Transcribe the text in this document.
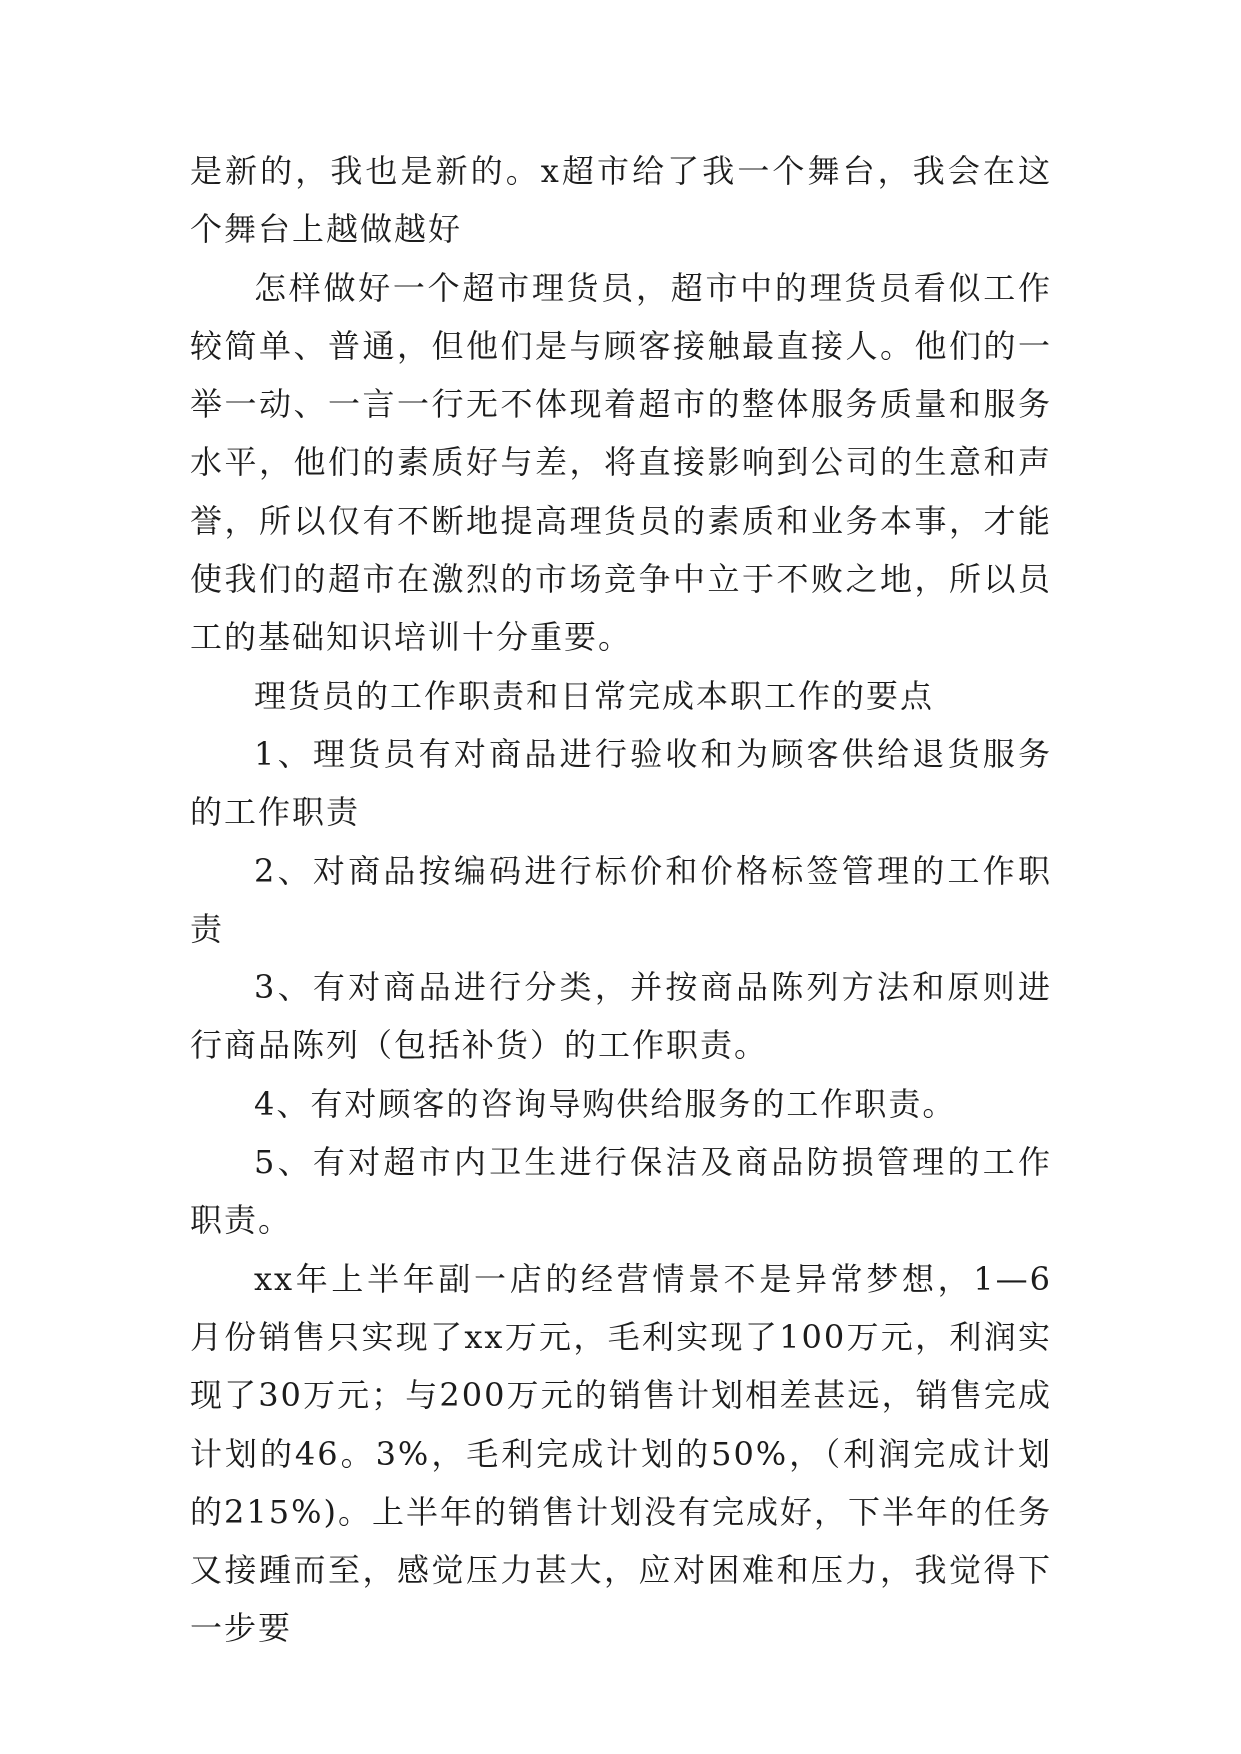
是新的，我也是新的。x超市给了我一个舞台，我会在这个舞台上越做越好

怎样做好一个超市理货员，超市中的理货员看似工作较简单、普通，但他们是与顾客接触最直接人。他们的一举一动、一言一行无不体现着超市的整体服务质量和服务水平，他们的素质好与差，将直接影响到公司的生意和声誉，所以仅有不断地提高理货员的素质和业务本事，才能使我们的超市在激烈的市场竞争中立于不败之地，所以员工的基础知识培训十分重要。

理货员的工作职责和日常完成本职工作的要点

1、理货员有对商品进行验收和为顾客供给退货服务的工作职责

2、对商品按编码进行标价和价格标签管理的工作职责

3、有对商品进行分类，并按商品陈列方法和原则进行商品陈列（包括补货）的工作职责。

4、有对顾客的咨询导购供给服务的工作职责。

5、有对超市内卫生进行保洁及商品防损管理的工作职责。

xx年上半年副一店的经营情景不是异常梦想，1—6月份销售只实现了xx万元，毛利实现了100万元，利润实现了30万元；与200万元的销售计划相差甚远，销售完成计划的46。3%，毛利完成计划的50%，（利润完成计划的215%)。上半年的销售计划没有完成好，下半年的任务又接踵而至，感觉压力甚大，应对困难和压力，我觉得下一步要
